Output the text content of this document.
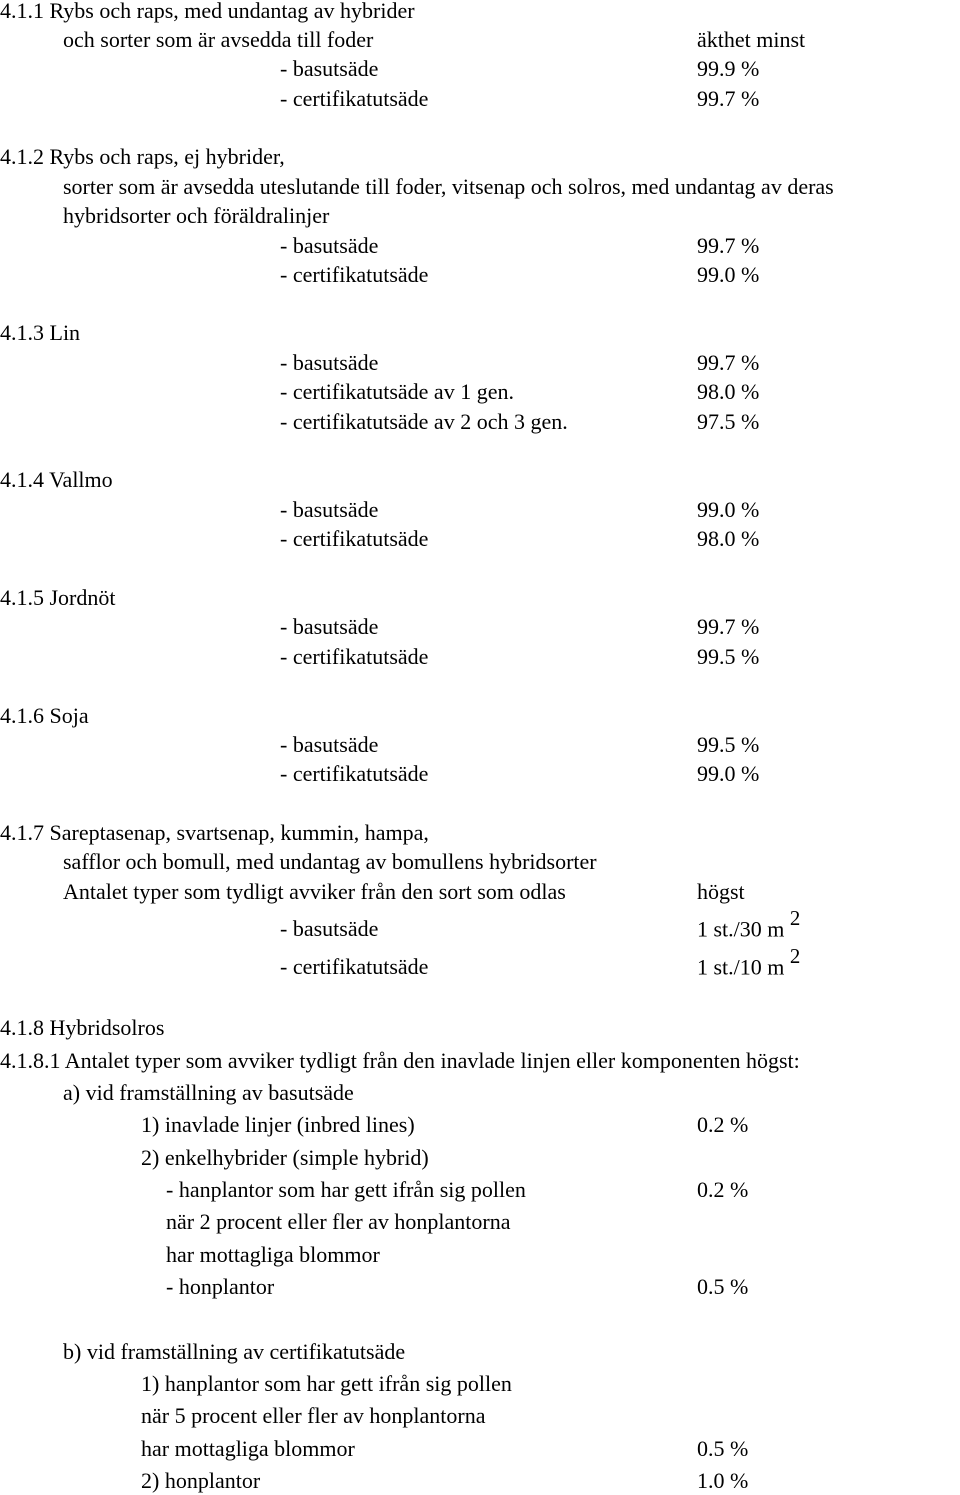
4.1.1 Rybs och raps, med undantag av hybrider
och sorter som är avsedda till foder	äkthet minst
- basutsäde	99.9 %
- certifikatutsäde	99.7 %
4.1.2 Rybs och raps, ej hybrider,
sorter som är avsedda uteslutande till foder, vitsenap och solros, med undantag av deras
hybridsorter och föräldralinjer
- basutsäde	99.7 %
- certifikatutsäde	99.0 %
4.1.3 Lin
- basutsäde	99.7 %
- certifikatutsäde av 1 gen.	98.0 %
- certifikatutsäde av 2 och 3 gen.	97.5 %
4.1.4 Vallmo
- basutsäde	99.0 %
- certifikatutsäde	98.0 %
4.1.5 Jordnöt
- basutsäde	99.7 %
- certifikatutsäde	99.5 %
4.1.6 Soja
- basutsäde	99.5 %
- certifikatutsäde	99.0 %
4.1.7 Sareptasenap, svartsenap, kummin, hampa,
safflor och bomull, med undantag av bomullens hybridsorter
Antalet typer som tydligt avviker från den sort som odlas	högst
- basutsäde	1 st./30 m $^2$
- certifikatutsäde	1 st./10 m $^2$
4.1.8 Hybridsolros
4.1.8.1 Antalet typer som avviker tydligt från den inavlade linjen eller komponenten högst:
a) vid framställning av basutsäde
1) inavlade linjer (inbred lines)	0.2 %
2) enkelhybrider (simple hybrid)
- hanplantor som har gett ifrån sig pollen	0.2 %
när 2 procent eller fler av honplantorna
har mottagliga blommor
- honplantor	0.5 %
b) vid framställning av certifikatutsäde
1) hanplantor som har gett ifrån sig pollen
när 5 procent eller fler av honplantorna
har mottagliga blommor	0.5 %
2) honplantor	1.0 %
